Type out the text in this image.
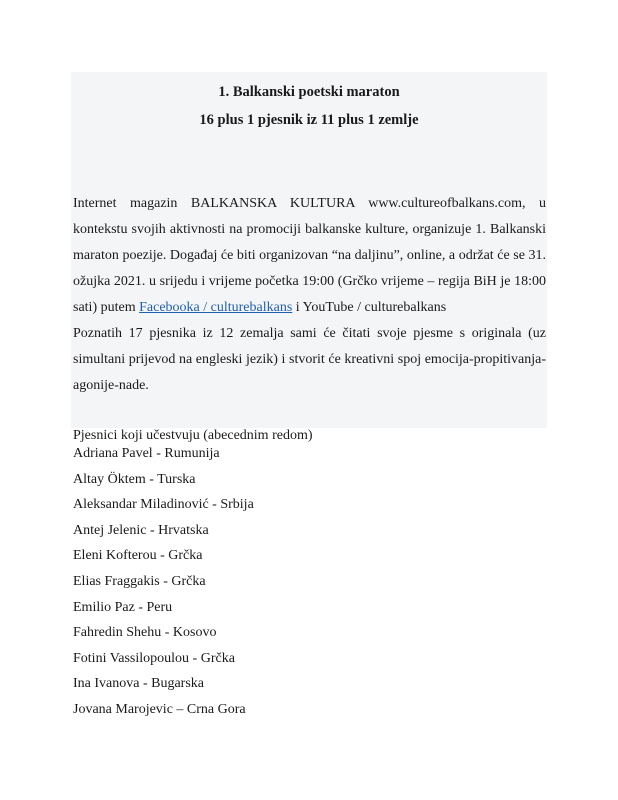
1. Balkanski poetski maraton
16 plus 1 pjesnik iz 11 plus 1 zemlje

Internet magazin BALKANSKA KULTURA www.cultureofbalkans.com, u kontekstu svojih aktivnosti na promociji balkanske kulture, organizuje 1. Balkanski maraton poezije. Događaj će biti organizovan “na daljinu”, online, a održat će se 31. ožujka 2021. u srijedu i vrijeme početka 19:00 (Grčko vrijeme – regija BiH je 18:00 sati) putem Facebooka / culturebalkans i YouTube / culturebalkans

Poznatih 17 pjesnika iz 12 zemalja sami će čitati svoje pjesme s originala (uz simultani prijevod na engleski jezik) i stvorit će kreativni spoj emocija-propitivanja-agonije-nade.

Pjesnici koji učestvuju (abecednim redom)

Adriana Pavel - Rumunija
Altay Öktem - Turska
Aleksandar Miladinović - Srbija
Antej Jelenic - Hrvatska
Eleni Kofterou - Grčka
Elias Fraggakis - Grčka
Emilio Paz - Peru
Fahredin Shehu - Kosovo
Fotini Vassilopoulou - Grčka
Ina Ivanova - Bugarska
Jovana Marojevic – Crna Gora
